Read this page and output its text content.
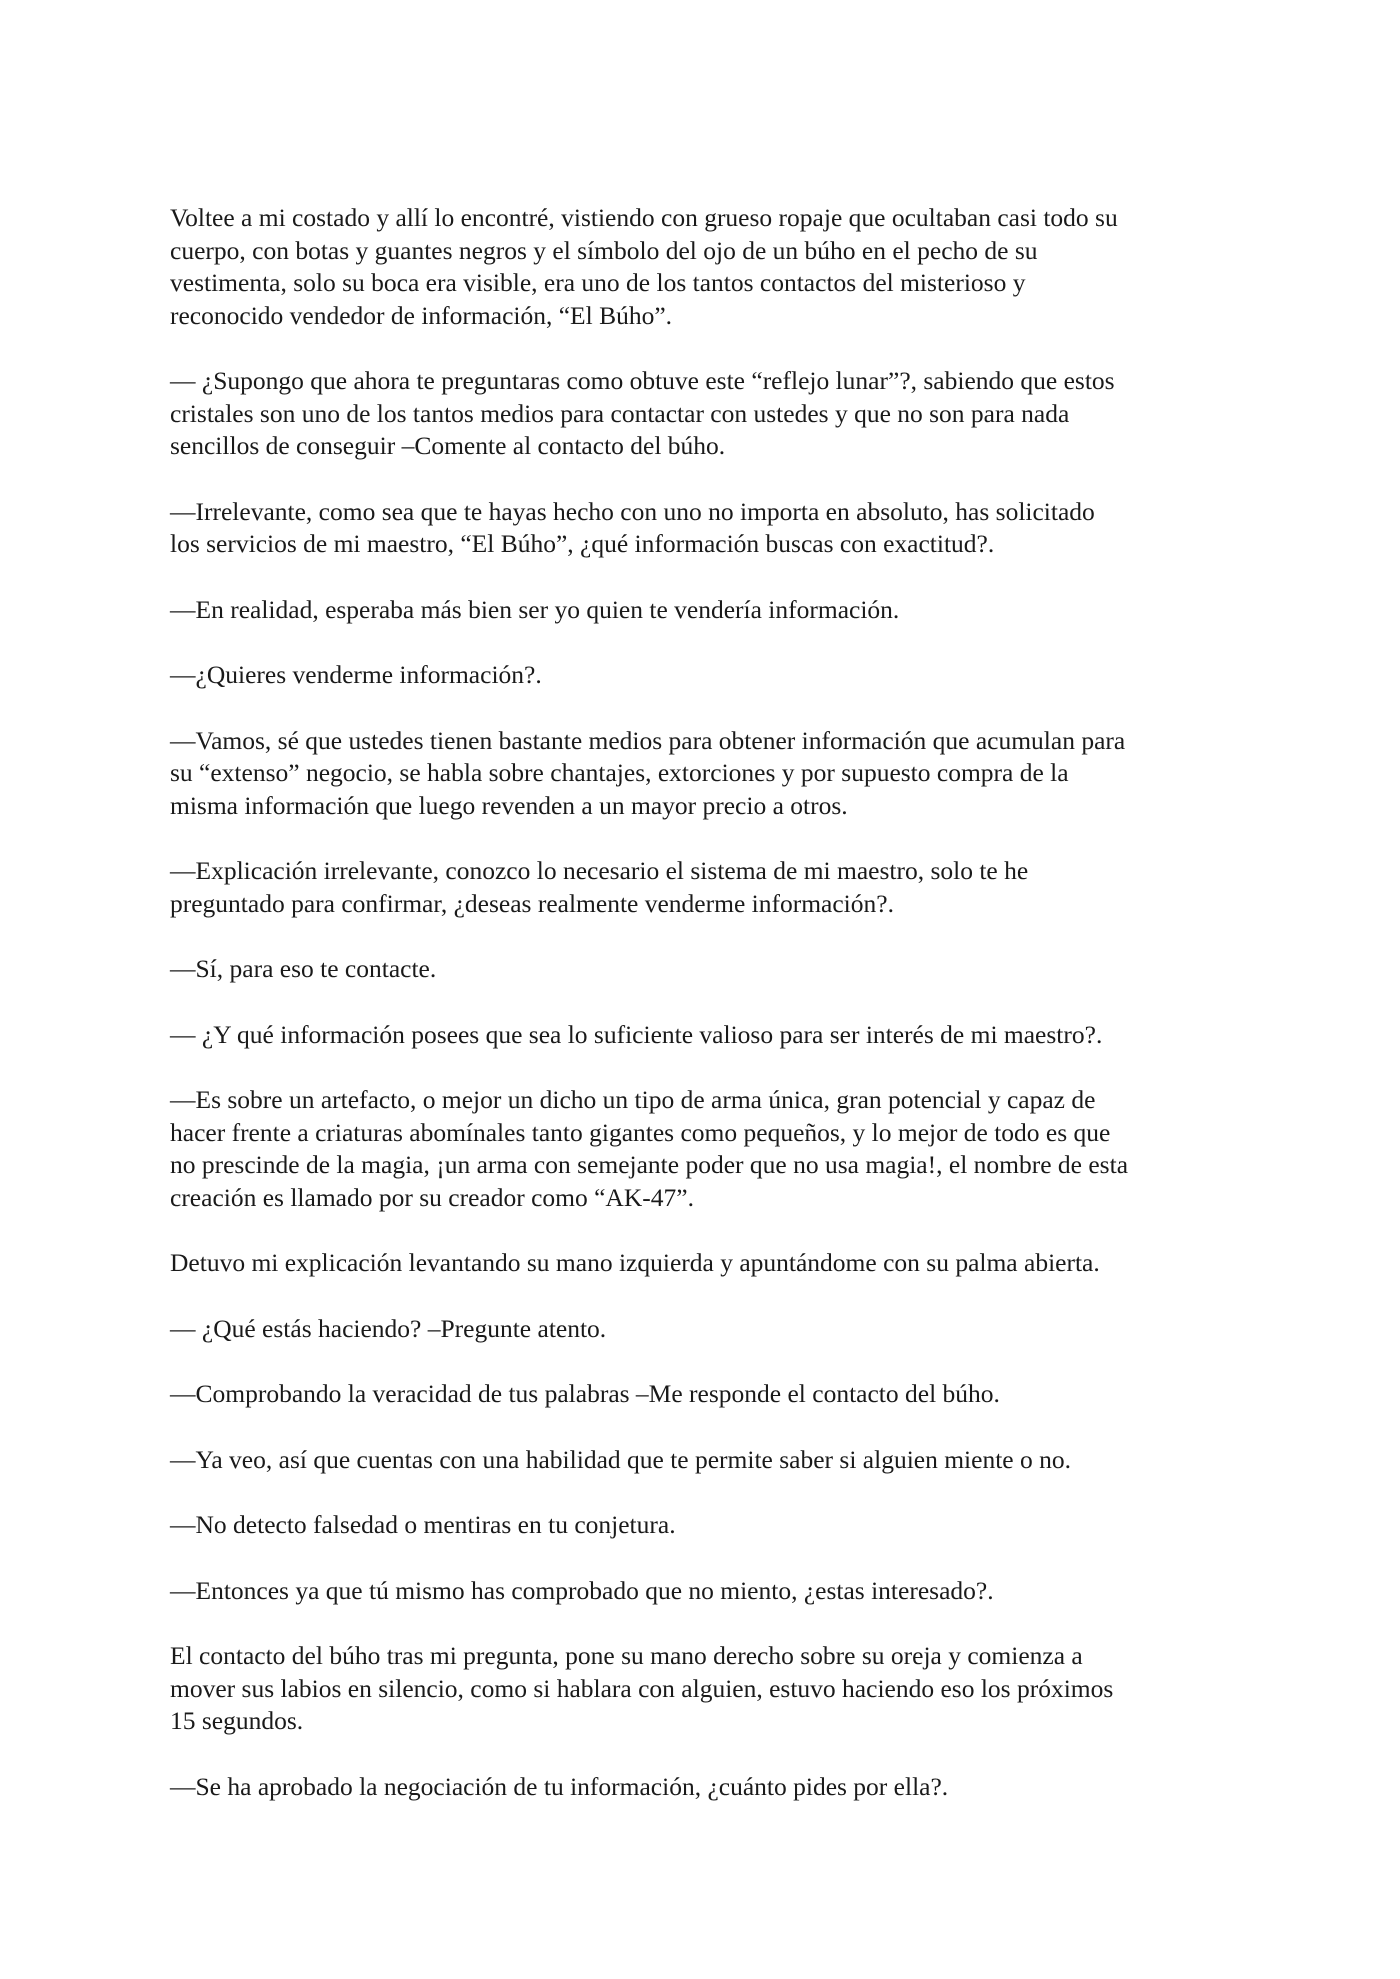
Voltee a mi costado y allí lo encontré, vistiendo con grueso ropaje que ocultaban casi todo su
cuerpo, con botas y guantes negros y el símbolo del ojo de un búho en el pecho de su
vestimenta, solo su boca era visible, era uno de los tantos contactos del misterioso y
reconocido vendedor de información, “El Búho”.

— ¿Supongo que ahora te preguntaras como obtuve este “reflejo lunar”?, sabiendo que estos
cristales son uno de los tantos medios para contactar con ustedes y que no son para nada
sencillos de conseguir –Comente al contacto del búho.

—Irrelevante, como sea que te hayas hecho con uno no importa en absoluto, has solicitado
los servicios de mi maestro, “El Búho”, ¿qué información buscas con exactitud?.

—En realidad, esperaba más bien ser yo quien te vendería información.

—¿Quieres venderme información?.

—Vamos, sé que ustedes tienen bastante medios para obtener información que acumulan para
su “extenso” negocio, se habla sobre chantajes, extorciones y por supuesto compra de la
misma información que luego revenden a un mayor precio a otros.

—Explicación irrelevante, conozco lo necesario el sistema de mi maestro, solo te he
preguntado para confirmar, ¿deseas realmente venderme información?.

—Sí, para eso te contacte.

— ¿Y qué información posees que sea lo suficiente valioso para ser interés de mi maestro?.

—Es sobre un artefacto, o mejor un dicho un tipo de arma única, gran potencial y capaz de
hacer frente a criaturas abomínales tanto gigantes como pequeños, y lo mejor de todo es que
no prescinde de la magia, ¡un arma con semejante poder que no usa magia!, el nombre de esta
creación es llamado por su creador como “AK-47”.

Detuvo mi explicación levantando su mano izquierda y apuntándome con su palma abierta.

— ¿Qué estás haciendo? –Pregunte atento.

—Comprobando la veracidad de tus palabras –Me responde el contacto del búho.

—Ya veo, así que cuentas con una habilidad que te permite saber si alguien miente o no.

—No detecto falsedad o mentiras en tu conjetura.

—Entonces ya que tú mismo has comprobado que no miento, ¿estas interesado?.

El contacto del búho tras mi pregunta, pone su mano derecho sobre su oreja y comienza a
mover sus labios en silencio, como si hablara con alguien, estuvo haciendo eso los próximos
15 segundos.

—Se ha aprobado la negociación de tu información, ¿cuánto pides por ella?.
